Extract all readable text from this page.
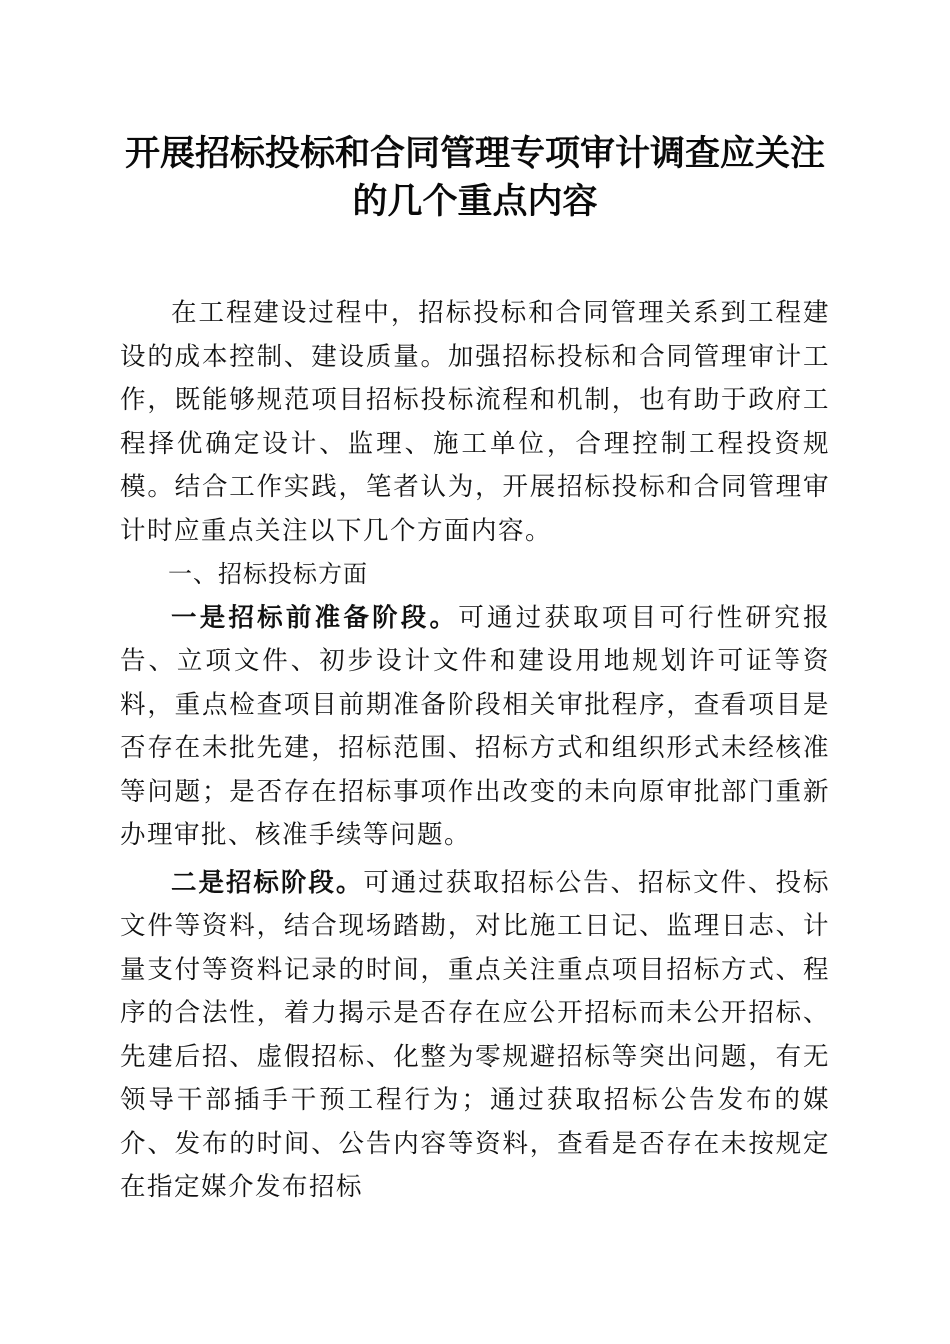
开展招标投标和合同管理专项审计调查应关注
的几个重点内容

在工程建设过程中，招标投标和合同管理关系到工程建设的成本控制、建设质量。加强招标投标和合同管理审计工作，既能够规范项目招标投标流程和机制，也有助于政府工程择优确定设计、监理、施工单位，合理控制工程投资规模。结合工作实践，笔者认为，开展招标投标和合同管理审计时应重点关注以下几个方面内容。

一、招标投标方面

一是招标前准备阶段。可通过获取项目可行性研究报告、立项文件、初步设计文件和建设用地规划许可证等资料，重点检查项目前期准备阶段相关审批程序，查看项目是否存在未批先建，招标范围、招标方式和组织形式未经核准等问题；是否存在招标事项作出改变的未向原审批部门重新办理审批、核准手续等问题。

二是招标阶段。可通过获取招标公告、招标文件、投标文件等资料，结合现场踏勘，对比施工日记、监理日志、计量支付等资料记录的时间，重点关注重点项目招标方式、程序的合法性，着力揭示是否存在应公开招标而未公开招标、先建后招、虚假招标、化整为零规避招标等突出问题，有无领导干部插手干预工程行为；通过获取招标公告发布的媒介、发布的时间、公告内容等资料，查看是否存在未按规定在指定媒介发布招标
